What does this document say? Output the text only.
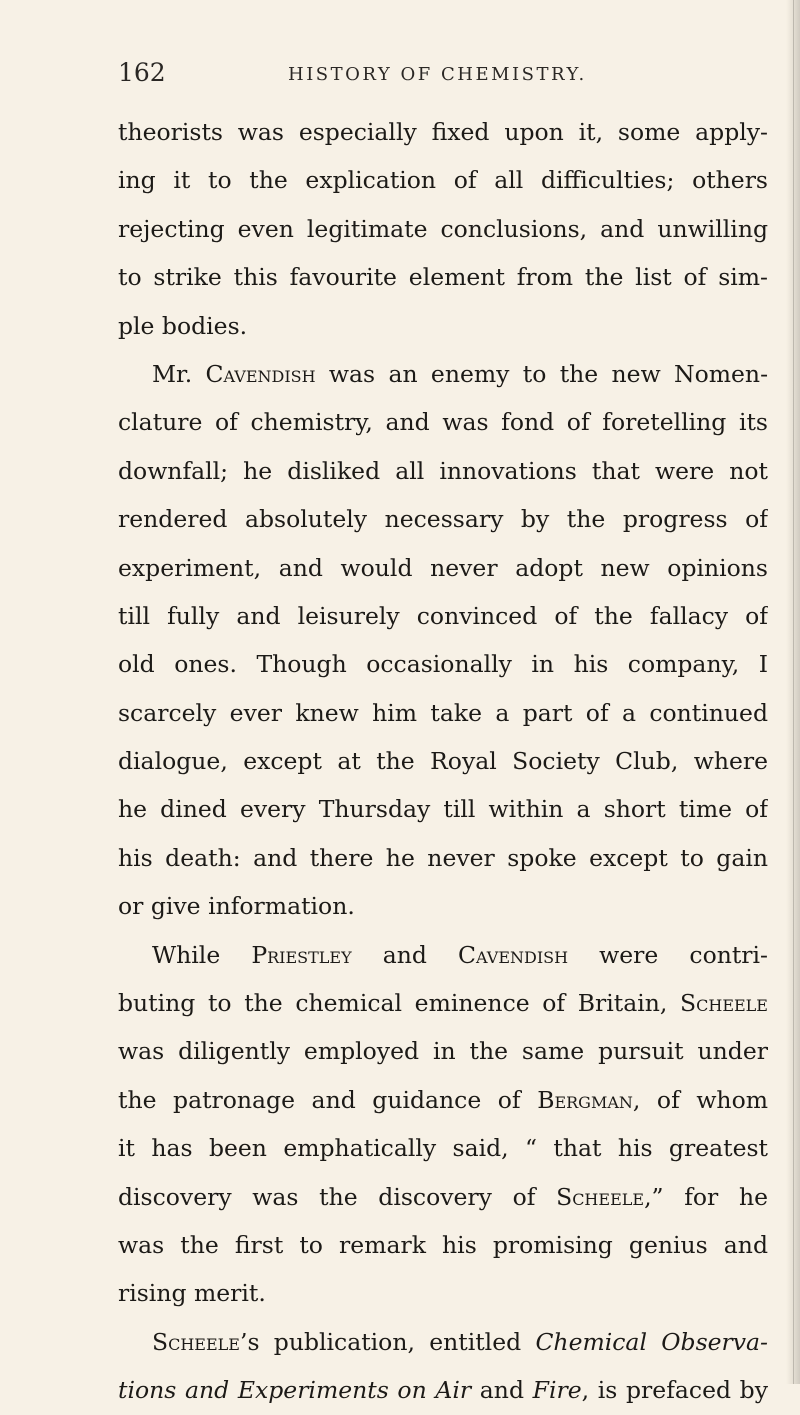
162	HISTORY OF CHEMISTRY.
theorists was especially fixed upon it, some apply-
ing it to the explication of all difficulties; others
rejecting even legitimate conclusions, and unwilling
to strike this favourite element from the list of sim-
ple bodies.
Mr. Cavendish was an enemy to the new Nomen-
clature of chemistry, and was fond of foretelling its
downfall; he disliked all innovations that were not
rendered absolutely necessary by the progress of
experiment, and would never adopt new opinions
till fully and leisurely convinced of the fallacy of
old ones. Though occasionally in his company, I
scarcely ever knew him take a part of a continued
dialogue, except at the Royal Society Club, where
he dined every Thursday till within a short time of
his death: and there he never spoke except to gain
or give information.
While Priestley and Cavendish were contri-
buting to the chemical eminence of Britain, Scheele
was diligently employed in the same pursuit under
the patronage and guidance of Bergman, of whom
it has been emphatically said, “ that his greatest
discovery was the discovery of Scheele,” for he
was the first to remark his promising genius and
rising merit.
Scheele’s publication, entitled Chemical Observa-
tions and Experiments on Air and Fire, is prefaced by
